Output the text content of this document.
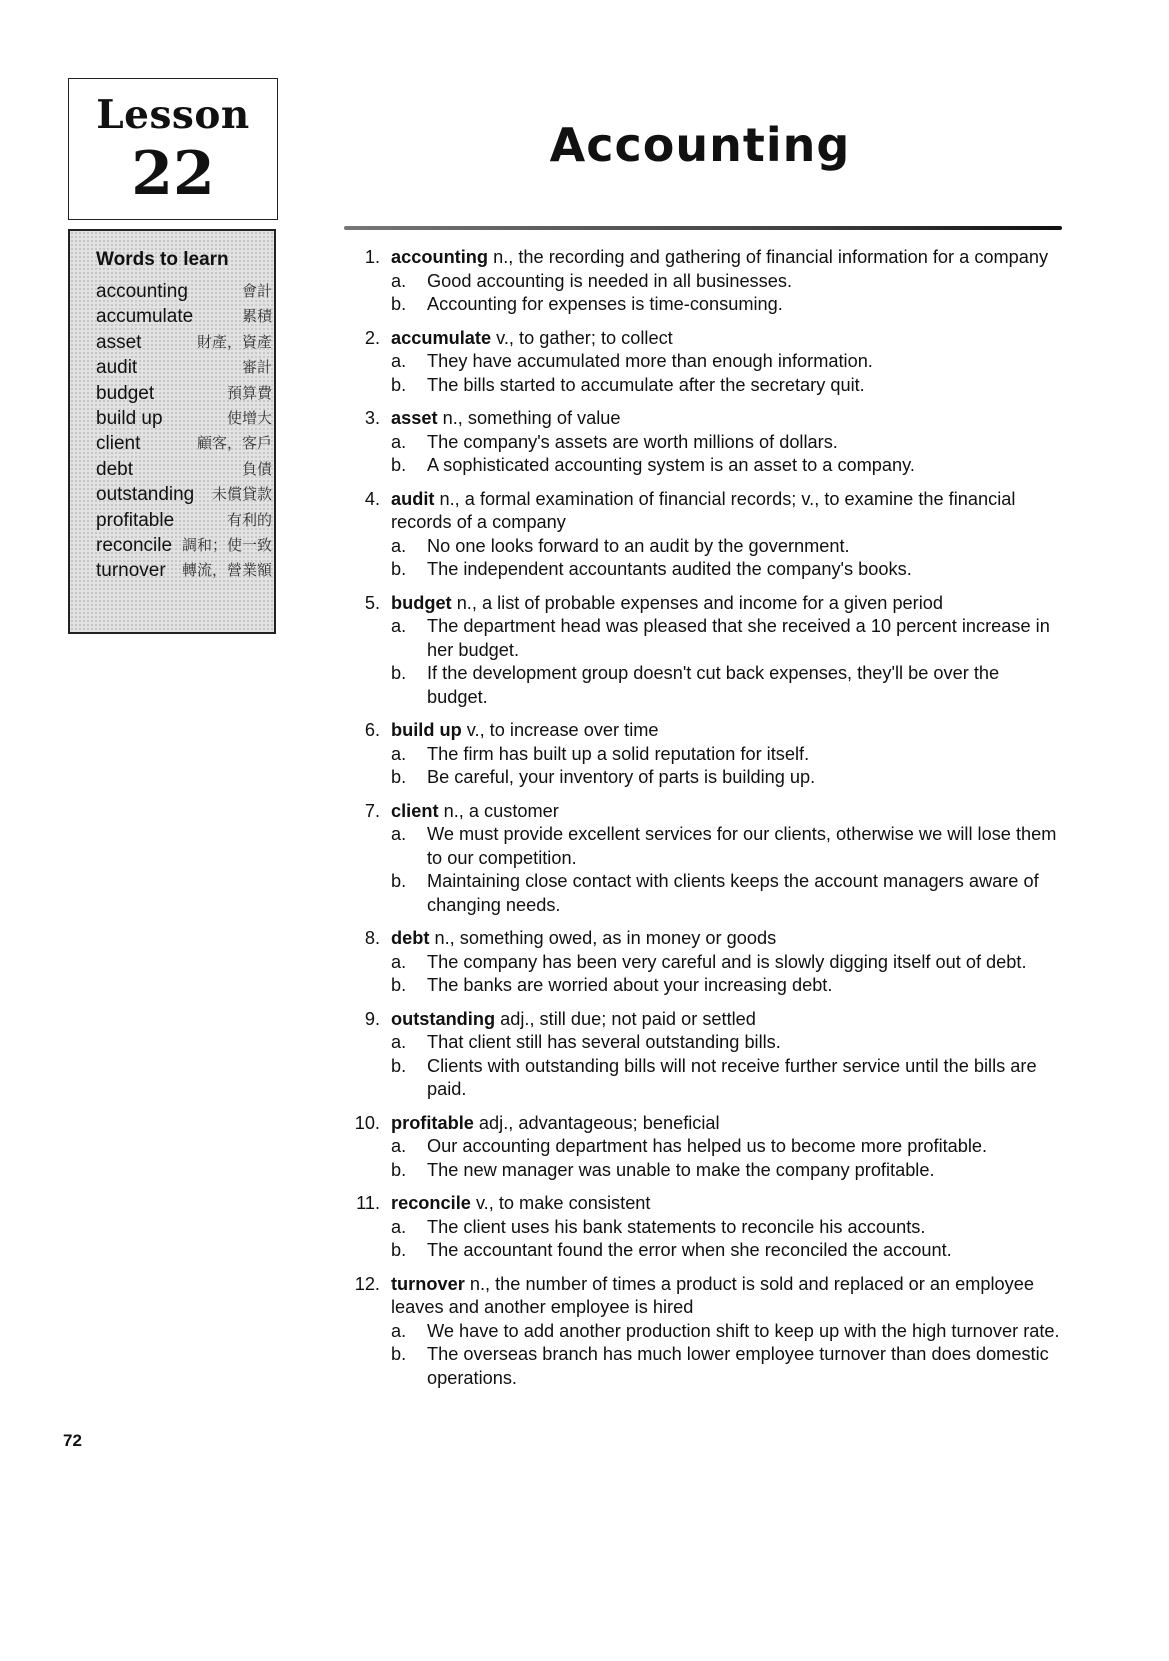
Lesson
22
Words to learn
accounting	會計
accumulate	累積
asset	財產，資產
audit	審計
budget	預算費
build up	使增大
client	顧客，客戶
debt	負債
outstanding 未償貸款
profitable	有利的
reconcile 調和；使一致
turnover 轉流，營業額
Accounting
1. accounting n., the recording and gathering of financial information for a company
a. Good accounting is needed in all businesses.
b. Accounting for expenses is time-consuming.
2. accumulate v., to gather; to collect
a. They have accumulated more than enough information.
b. The bills started to accumulate after the secretary quit.
3. asset n., something of value
a. The company's assets are worth millions of dollars.
b. A sophisticated accounting system is an asset to a company.
4. audit n., a formal examination of financial records; v., to examine the financial records of a company
a. No one looks forward to an audit by the government.
b. The independent accountants audited the company's books.
5. budget n., a list of probable expenses and income for a given period
a. The department head was pleased that she received a 10 percent increase in her budget.
b. If the development group doesn't cut back expenses, they'll be over the budget.
6. build up v., to increase over time
a. The firm has built up a solid reputation for itself.
b. Be careful, your inventory of parts is building up.
7. client n., a customer
a. We must provide excellent services for our clients, otherwise we will lose them to our competition.
b. Maintaining close contact with clients keeps the account managers aware of changing needs.
8. debt n., something owed, as in money or goods
a. The company has been very careful and is slowly digging itself out of debt.
b. The banks are worried about your increasing debt.
9. outstanding adj., still due; not paid or settled
a. That client still has several outstanding bills.
b. Clients with outstanding bills will not receive further service until the bills are paid.
10. profitable adj., advantageous; beneficial
a. Our accounting department has helped us to become more profitable.
b. The new manager was unable to make the company profitable.
11. reconcile v., to make consistent
a. The client uses his bank statements to reconcile his accounts.
b. The accountant found the error when she reconciled the account.
12. turnover n., the number of times a product is sold and replaced or an employee leaves and another employee is hired
a. We have to add another production shift to keep up with the high turnover rate.
b. The overseas branch has much lower employee turnover than does domestic operations.
72
